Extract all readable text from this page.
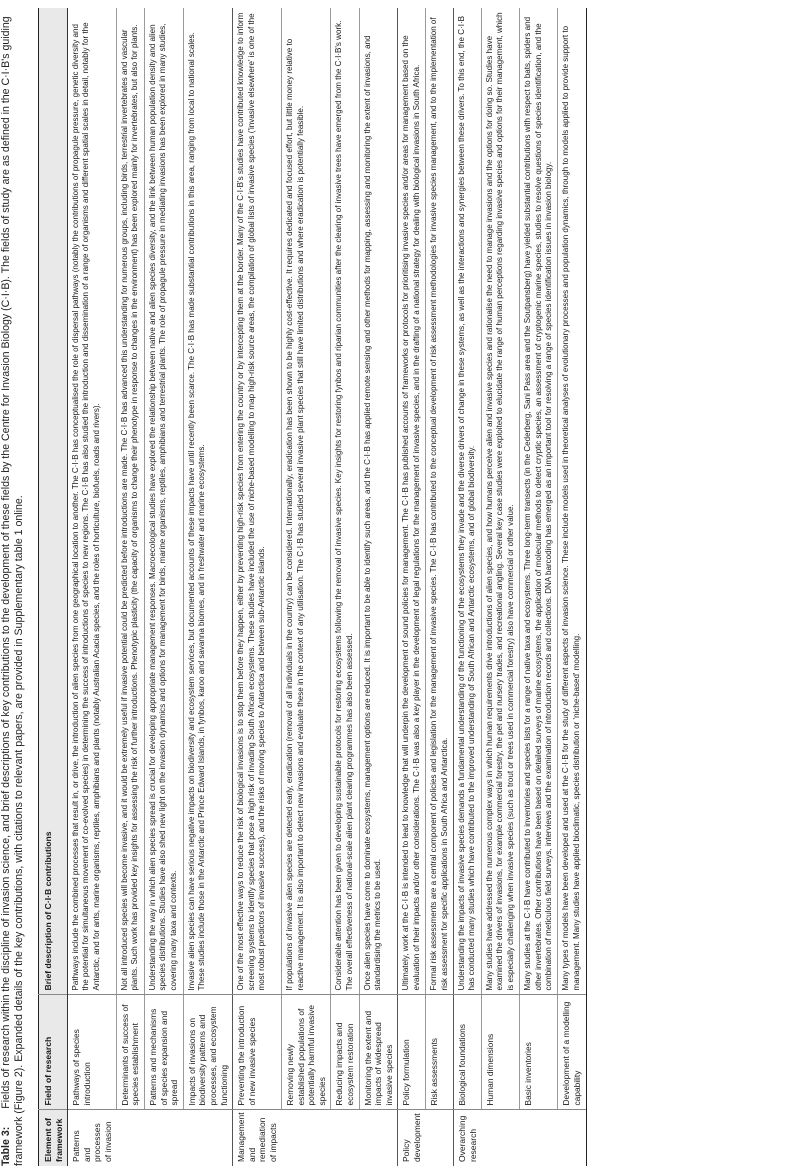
Table 3:Fields of research within the discipline of invasion science, and brief descriptions of key contributions to the development of these fields by the Centre for Invasion Biology (C·I·B). The fields of study are as defined in the C·I·B's guiding framework (Figure 2). Expanded details of the key contributions, with citations to relevant papers, are provided in Supplementary table 1 online. Element of framework	Field of research	Brief description of C·I·B contributions
Patterns and processes of invasion	Pathways of species introduction	Pathways include the combined processes that result in, or drive, the introduction of alien species from one geographical location to another. The C·I·B has conceptualised the role of dispersal pathways (notably the contributions of propagule pressure, genetic diversity and the potential for simultaneous movement of co-evolved species) in determining the success of introductions of species to new regions. The C·I·B has also studied the introduction and dissemination of a range of organisms and different spatial scales in detail, notably for the Antarctic, and for ants, marine organisms, reptiles, amphibians and plants (notably Australian Acacia species, and the roles of horticulture, biofuels, roads and rivers).
	Determinants of success of species establishment	Not all introduced species will become invasive, and it would be extremely useful if invasive potential could be predicted before introductions are made. The C·I·B has advanced this understanding for numerous groups, including birds, terrestrial invertebrates and vascular plants. Such work has provided key insights for assessing the risk of further introductions. Phenotypic plasticity (the capacity of organisms to change their phenotype in response to changes in the environment) has been explored mainly for invertebrates, but also for plants.
	Patterns and mechanisms of species expansion and spread	Understanding the way in which alien species spread is crucial for developing appropriate management responses. Macroecological studies have explored the relationship between native and alien species diversity, and the link between human population density and alien species distributions. Studies have also shed new light on the invasion dynamics and options for management for birds, marine organisms, reptiles, amphibians and terrestrial plants. The role of propagule pressure in mediating invasions has been explored in many studies, covering many taxa and contexts.
	Impacts of invasions on biodiversity patterns and processes, and ecosystem functioning	Invasive alien species can have serious negative impacts on biodiversity and ecosystem services, but documented accounts of these impacts have until recently been scarce. The C·I·B has made substantial contributions in this area, ranging from local to national scales. These studies include those in the Antarctic and Prince Edward Islands, in fynbos, karoo and savanna biomes, and in freshwater and marine ecosystems.
Management and remediation of impacts	Preventing the introduction of new invasive species	One of the most effective ways to reduce the risk of biological invasions is to stop them before they happen, either by preventing high-risk species from entering the country or by intercepting them at the border. Many of the C·I·B's studies have contributed knowledge to inform screening systems to identify species that pose a high risk of invading South African ecosystems. These studies have included the use of niche-based modelling to map high-risk source areas, the compilation of global lists of invasive species ('invasive elsewhere' is one of the most robust predictors of invasive success), and the risks of moving species to Antarctica and between sub-Antarctic islands.
	Removing newly established populations of potentially harmful invasive species	If populations of invasive alien species are detected early, eradication (removal of all individuals in the country) can be considered. Internationally, eradication has been shown to be highly cost-effective. It requires dedicated and focused effort, but little money relative to reactive management. It is also important to detect new invasions and evaluate these in the context of any utilisation. The C·I·B has studied several invasive plant species that still have limited distributions and where eradication is potentially feasible.
	Reducing impacts and ecosystem restoration	Considerable attention has been given to developing sustainable protocols for restoring ecosystems following the removal of invasive species. Key insights for restoring fynbos and riparian communities after the clearing of invasive trees have emerged from the C·I·B's work. The overall effectiveness of national-scale alien plant clearing programmes has also been assessed.
	Monitoring the extent and impacts of widespread invasive species	Once alien species have come to dominate ecosystems, management options are reduced. It is important to be able to identify such areas, and the C·I·B has applied remote sensing and other methods for mapping, assessing and monitoring the extent of invasions, and standardising the metrics to be used.
Policy development	Policy formulation	Ultimately, work at the C·I·B is intended to lead to knowledge that will underpin the development of sound policies for management. The C·I·B has published accounts of frameworks or protocols for prioritising invasive species and/or areas for management based on the evaluation of their impacts and/or other considerations. The C·I·B was also a key player in the development of legal regulations for the management of invasive species, and in the drafting of a national strategy for dealing with biological invasions in South Africa.
	Risk assessments	Formal risk assessments are a central component of policies and legislation for the management of invasive species. The C·I·B has contributed to the conceptual development of risk assessment methodologies for invasive species management, and to the implementation of risk assessment for specific applications in South Africa and Antarctica.
Overarching research	Biological foundations	Understanding the impacts of invasive species demands a fundamental understanding of the functioning of the ecosystems they invade and the diverse drivers of change in these systems, as well as the interactions and synergies between these drivers. To this end, the C·I·B has conducted many studies which have contributed to the improved understanding of South African and Antarctic ecosystems, and of global biodiversity.
	Human dimensions	Many studies have addressed the numerous complex ways in which human requirements drive introductions of alien species, and how humans perceive alien and invasive species and rationalise the need to manage invasions and the options for doing so. Studies have examined the drivers of invasions, for example commercial forestry, the pet and nursery trades, and recreational angling. Several key case studies were exploited to elucidate the range of human perceptions regarding invasive species and options for their management, which is especially challenging when invasive species (such as trout or trees used in commercial forestry) also have commercial or other value.
	Basic inventories	Many studies at the C·I·B have contributed to inventories and species lists for a range of native taxa and ecosystems. Three long-term transects (in the Cederberg, Sani Pass area and the Soutpansberg) have yielded substantial contributions with respect to bats, spiders and other invertebrates. Other contributions have been based on detailed surveys of marine ecosystems, the application of molecular methods to detect cryptic species, an assessment of cryptogenic marine species, studies to resolve questions of species identification, and the combination of meticulous field surveys, interviews and the examination of introduction records and collections. DNA barcoding has emerged as an important tool for resolving a range of species identification issues in invasion biology.
	Development of a modelling capability	Many types of models have been developed and used at the C·I·B for the study of different aspects of invasion science. These include models used in theoretical analyses of evolutionary processes and population dynamics, through to models applied to provide support to management. Many studies have applied bioclimatic, species distribution or 'niche-based' modelling.
